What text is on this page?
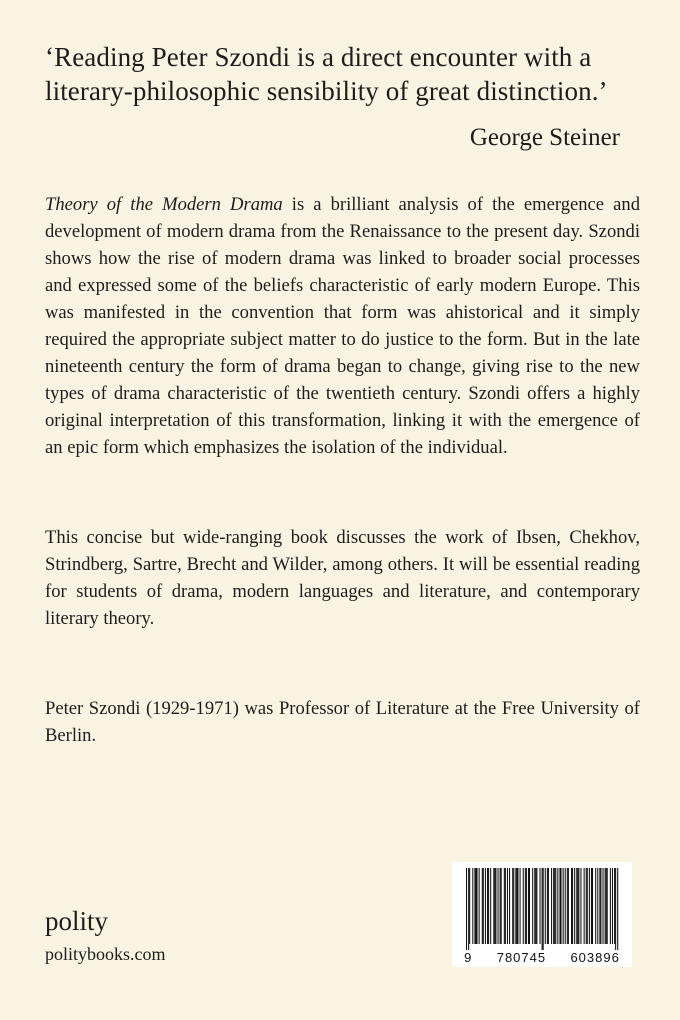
‘Reading Peter Szondi is a direct encounter with a literary-philosophic sensibility of great distinction.’
George Steiner
Theory of the Modern Drama is a brilliant analysis of the emergence and development of modern drama from the Renaissance to the present day. Szondi shows how the rise of modern drama was linked to broader social processes and expressed some of the beliefs characteristic of early modern Europe. This was manifested in the convention that form was ahistorical and it simply required the appropriate subject matter to do justice to the form. But in the late nineteenth century the form of drama began to change, giving rise to the new types of drama characteristic of the twentieth century. Szondi offers a highly original interpretation of this transformation, linking it with the emergence of an epic form which emphasizes the isolation of the individual.
This concise but wide-ranging book discusses the work of Ibsen, Chekhov, Strindberg, Sartre, Brecht and Wilder, among others. It will be essential reading for students of drama, modern languages and literature, and contemporary literary theory.
Peter Szondi (1929-1971) was Professor of Literature at the Free University of Berlin.
polity
politybooks.com	9 780745 603896
